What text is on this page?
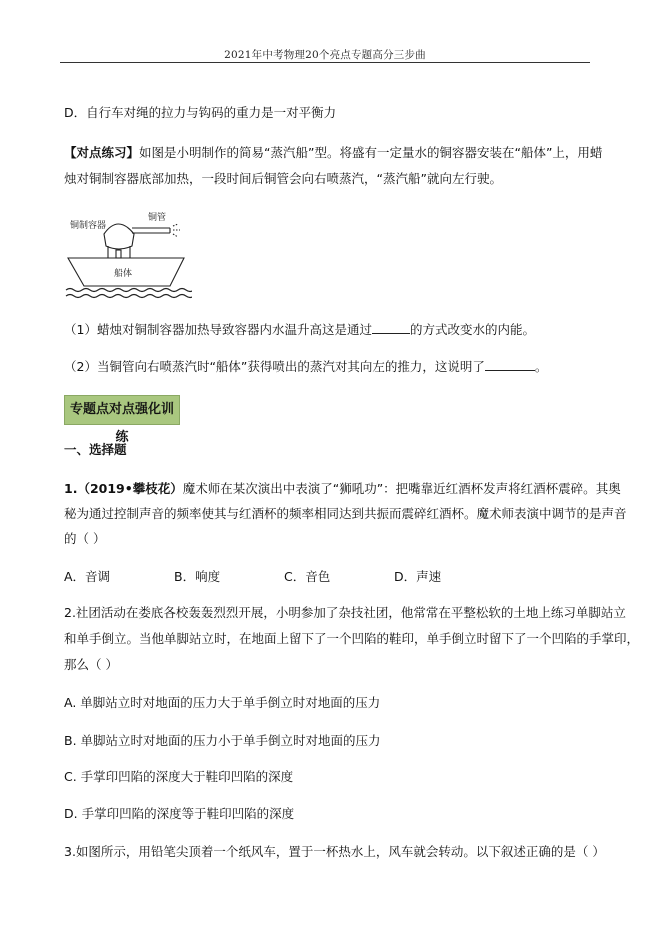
2021年中考物理20个亮点专题高分三步曲
D．自行车对绳的拉力与钩码的重力是一对平衡力
【对点练习】如图是小明制作的简易“蒸汽船”型。将盛有一定量水的铜容器安装在“船体”上，用蜡
烛对铜制容器底部加热，一段时间后铜管会向右喷蒸汽，“蒸汽船”就向左行驶。
铜制容器
铜管
船体
（1）蜡烛对铜制容器加热导致容器内水温升高这是通过	的方式改变水的内能。
（2）当铜管向右喷蒸汽时“船体”获得喷出的蒸汽对其向左的推力，这说明了	。
专题点对点强化训练
一、选择题
1.（2019•攀枝花）魔术师在某次演出中表演了“狮吼功”：把嘴靠近红酒杯发声将红酒杯震碎。其奥
秘为通过控制声音的频率使其与红酒杯的频率相同达到共振而震碎红酒杯。魔术师表演中调节的是声音
的（ ）
A．音调	B．响度	C．音色	D．声速
2.社团活动在娄底各校轰轰烈烈开展，小明参加了杂技社团，他常常在平整松软的土地上练习单脚站立
和单手倒立。当他单脚站立时，在地面上留下了一个凹陷的鞋印，单手倒立时留下了一个凹陷的手掌印，
那么（ ）
A. 单脚站立时对地面的压力大于单手倒立时对地面的压力
B. 单脚站立时对地面的压力小于单手倒立时对地面的压力
C. 手掌印凹陷的深度大于鞋印凹陷的深度
D. 手掌印凹陷的深度等于鞋印凹陷的深度
3.如图所示，用铅笔尖顶着一个纸风车，置于一杯热水上，风车就会转动。以下叙述正确的是（ ）
